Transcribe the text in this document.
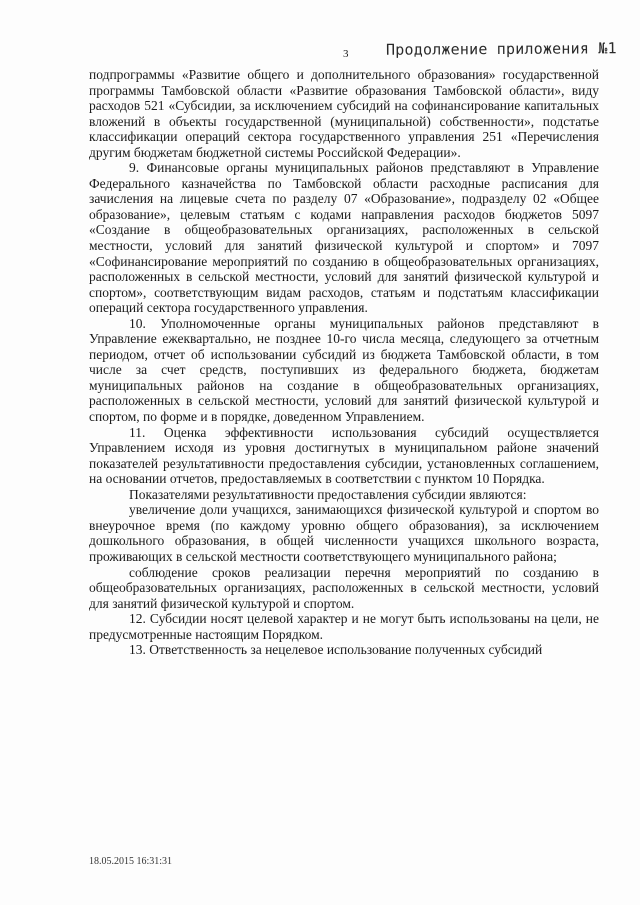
3 Продолжение приложения №1

подпрограммы «Развитие общего и дополнительного образования» государственной программы Тамбовской области «Развитие образования Тамбовской области», виду расходов 521 «Субсидии, за исключением субсидий на софинансирование капитальных вложений в объекты государственной (муниципальной) собственности», подстатье классификации операций сектора государственного управления 251 «Перечисления другим бюджетам бюджетной системы Российской Федерации».

9. Финансовые органы муниципальных районов представляют в Управление Федерального казначейства по Тамбовской области расходные расписания для зачисления на лицевые счета по разделу 07 «Образование», подразделу 02 «Общее образование», целевым статьям с кодами направления расходов бюджетов 5097 «Создание в общеобразовательных организациях, расположенных в сельской местности, условий для занятий физической культурой и спортом» и 7097 «Софинансирование мероприятий по созданию в общеобразовательных организациях, расположенных в сельской местности, условий для занятий физической культурой и спортом», соответствующим видам расходов, статьям и подстатьям классификации операций сектора государственного управления.

10. Уполномоченные органы муниципальных районов представляют в Управление ежеквартально, не позднее 10-го числа месяца, следующего за отчетным периодом, отчет об использовании субсидий из бюджета Тамбовской области, в том числе за счет средств, поступивших из федерального бюджета, бюджетам муниципальных районов на создание в общеобразовательных организациях, расположенных в сельской местности, условий для занятий физической культурой и спортом, по форме и в порядке, доведенном Управлением.

11. Оценка эффективности использования субсидий осуществляется Управлением исходя из уровня достигнутых в муниципальном районе значений показателей результативности предоставления субсидии, установленных соглашением, на основании отчетов, предоставляемых в соответствии с пунктом 10 Порядка.

Показателями результативности предоставления субсидии являются:

увеличение доли учащихся, занимающихся физической культурой и спортом во внеурочное время (по каждому уровню общего образования), за исключением дошкольного образования, в общей численности учащихся школьного возраста, проживающих в сельской местности соответствующего муниципального района;

соблюдение сроков реализации перечня мероприятий по созданию в общеобразовательных организациях, расположенных в сельской местности, условий для занятий физической культурой и спортом.

12. Субсидии носят целевой характер и не могут быть использованы на цели, не предусмотренные настоящим Порядком.

13. Ответственность за нецелевое использование полученных субсидий

18.05.2015 16:31:31
